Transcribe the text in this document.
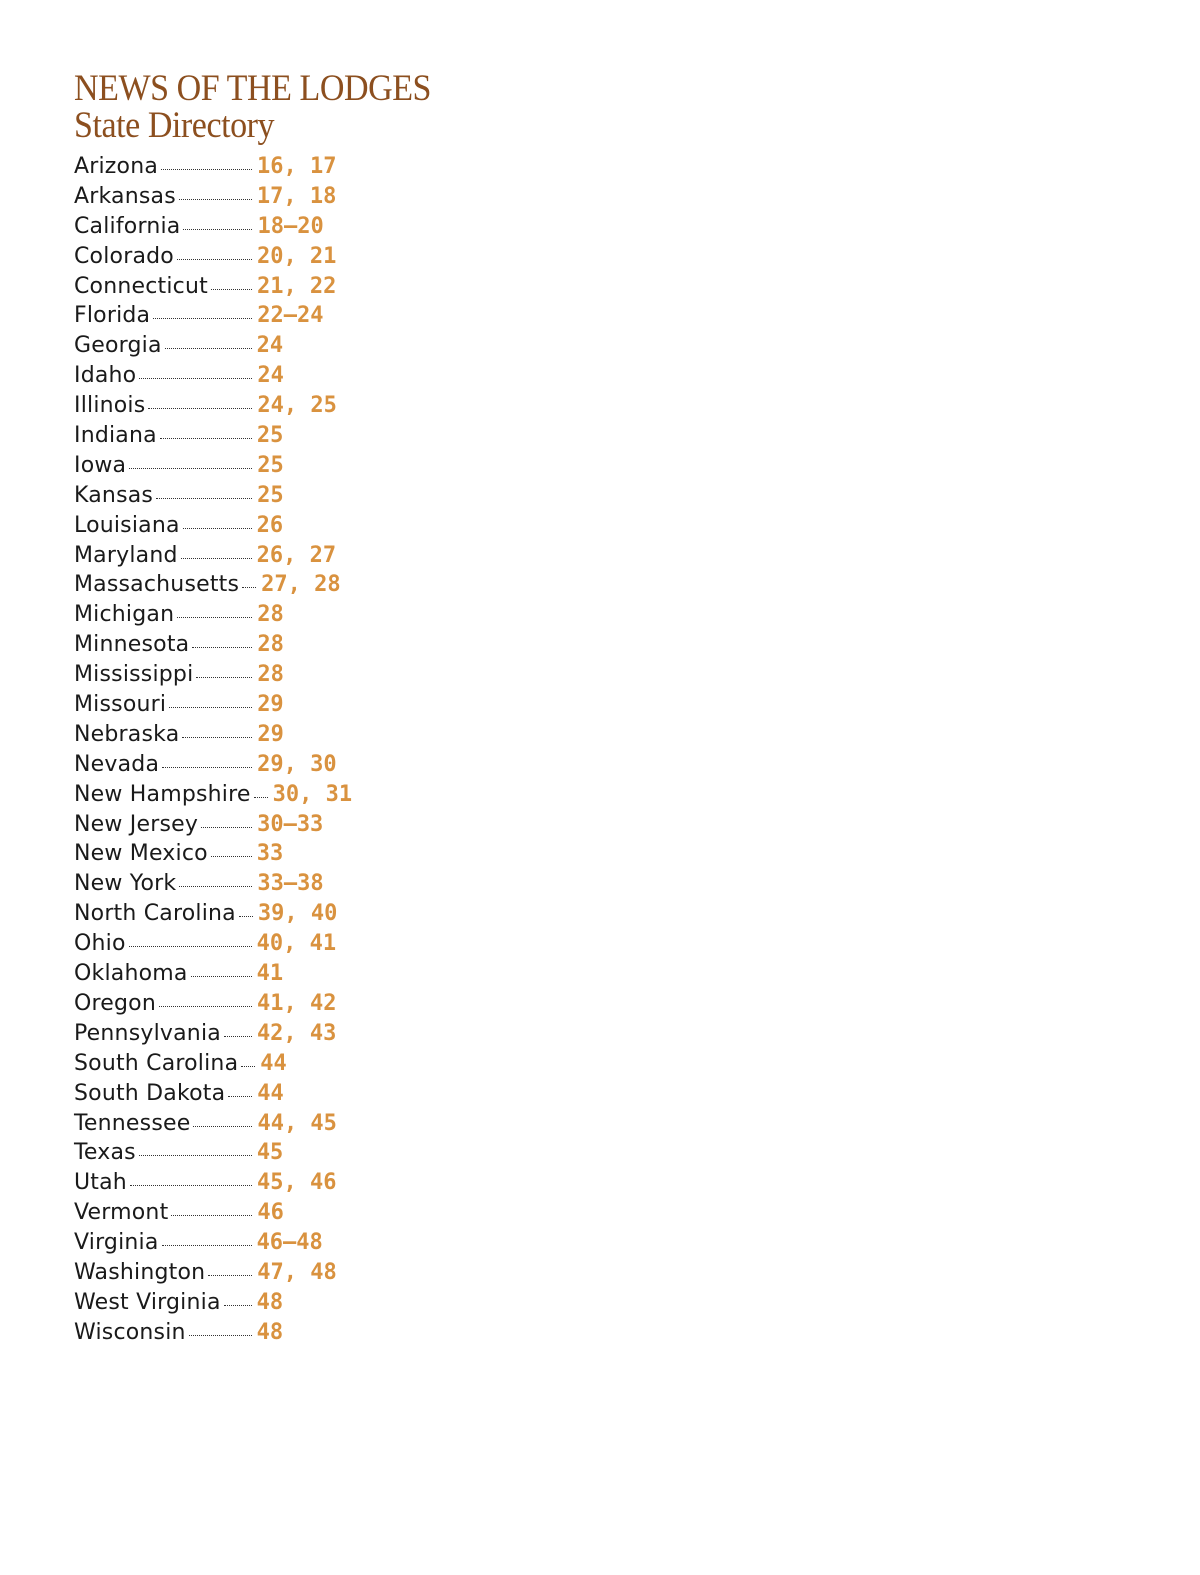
NEWS OF THE LODGES
State Directory
Arizona	16, 17
Arkansas	17, 18
California	18–20
Colorado	20, 21
Connecticut 21, 22
Florida	22–24
Georgia	24
Idaho	24
Illinois	24, 25
Indiana	25
Iowa	25
Kansas	25
Louisiana	26
Maryland	26, 27
Massachusetts 27, 28
Michigan	28
Minnesota	28
Mississippi	28
Missouri	29
Nebraska	29
Nevada	29, 30
New Hampshire 30, 31
New Jersey	30–33
New Mexico 33
New York	33–38
North Carolina 39, 40
Ohio	40, 41
Oklahoma	41
Oregon	41, 42
Pennsylvania 42, 43
South Carolina 44
South Dakota 44
Tennessee	44, 45
Texas	45
Utah	45, 46
Vermont	46
Virginia	46–48
Washington 47, 48
West Virginia 48
Wisconsin	48
